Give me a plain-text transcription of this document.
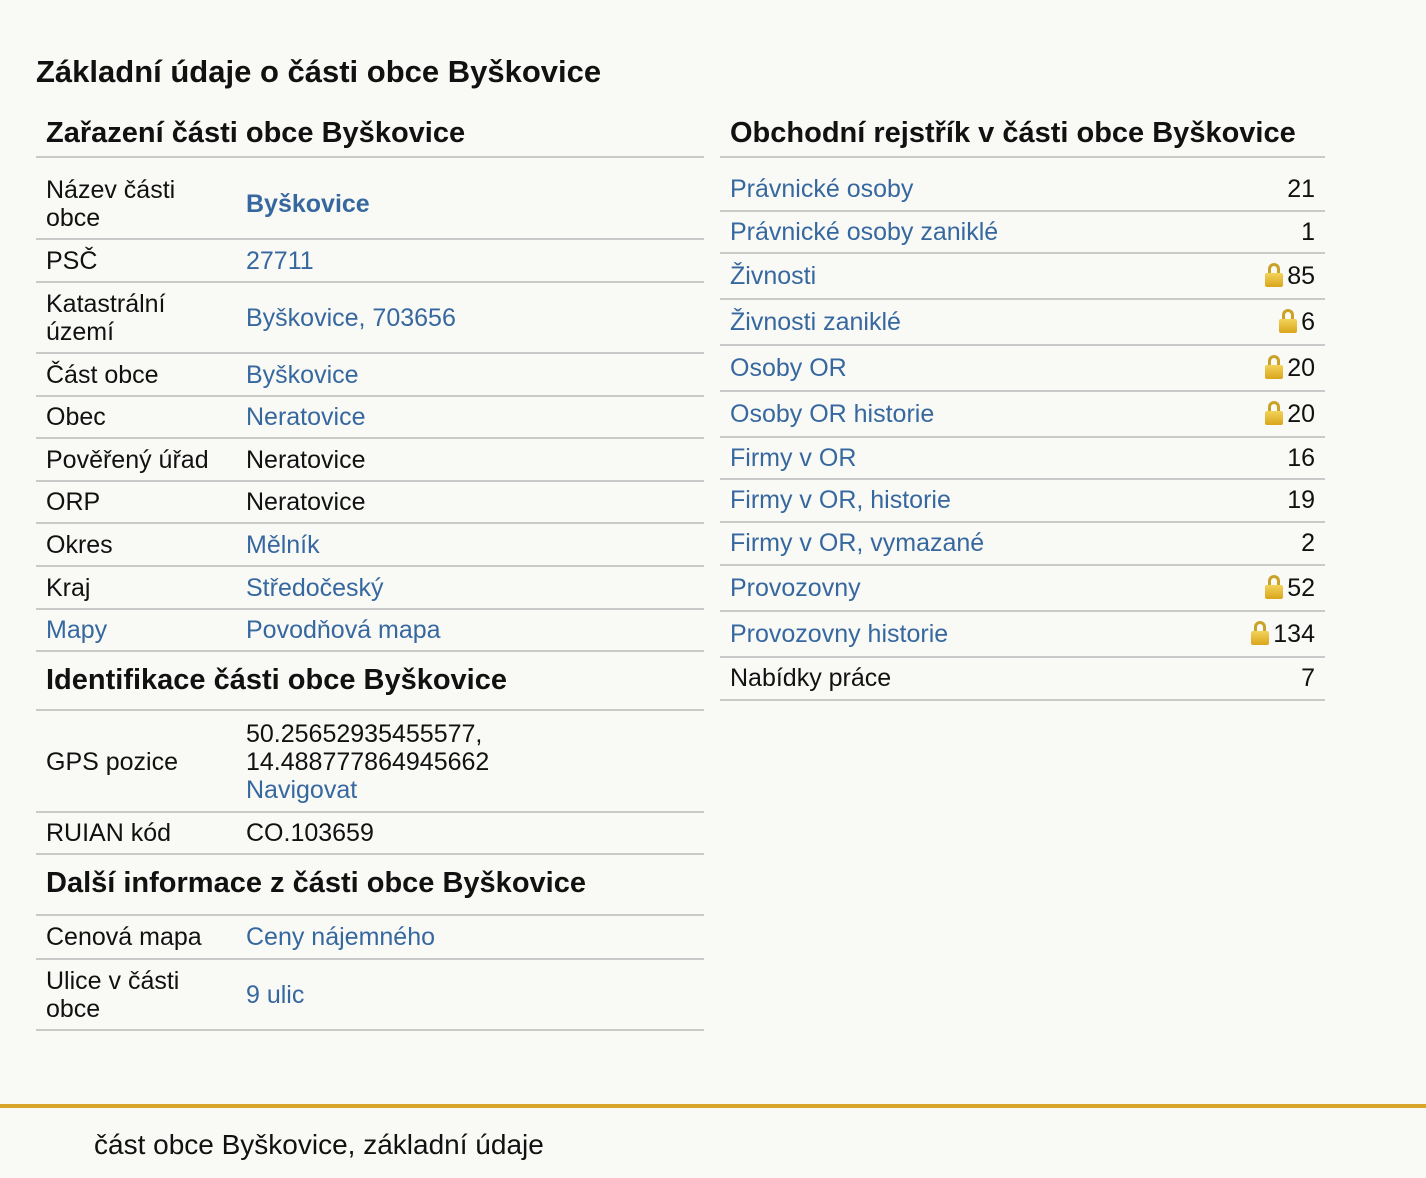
Základní údaje o části obce Byškovice
Zařazení části obce Byškovice
Název části obce	Byškovice
PSČ	27711
Katastrální území	Byškovice, 703656
Část obce	Byškovice
Obec	Neratovice
Pověřený úřad	Neratovice
ORP	Neratovice
Okres	Mělník
Kraj	Středočeský
Mapy	Povodňová mapa
Identifikace části obce Byškovice
GPS pozice	50.25652935455577,
14.488777864945662
Navigovat
RUIAN kód	CO.103659
Další informace z části obce Byškovice
Cenová mapa	Ceny nájemného
Ulice v části obce	9 ulic
Obchodní rejstřík v části obce Byškovice
Právnické osoby	21
Právnické osoby zaniklé	1
Živnosti	85
Živnosti zaniklé	6
Osoby OR	20
Osoby OR historie	20
Firmy v OR	16
Firmy v OR, historie	19
Firmy v OR, vymazané	2
Provozovny	52
Provozovny historie	134
Nabídky práce	7
část obce Byškovice, základní údaje
